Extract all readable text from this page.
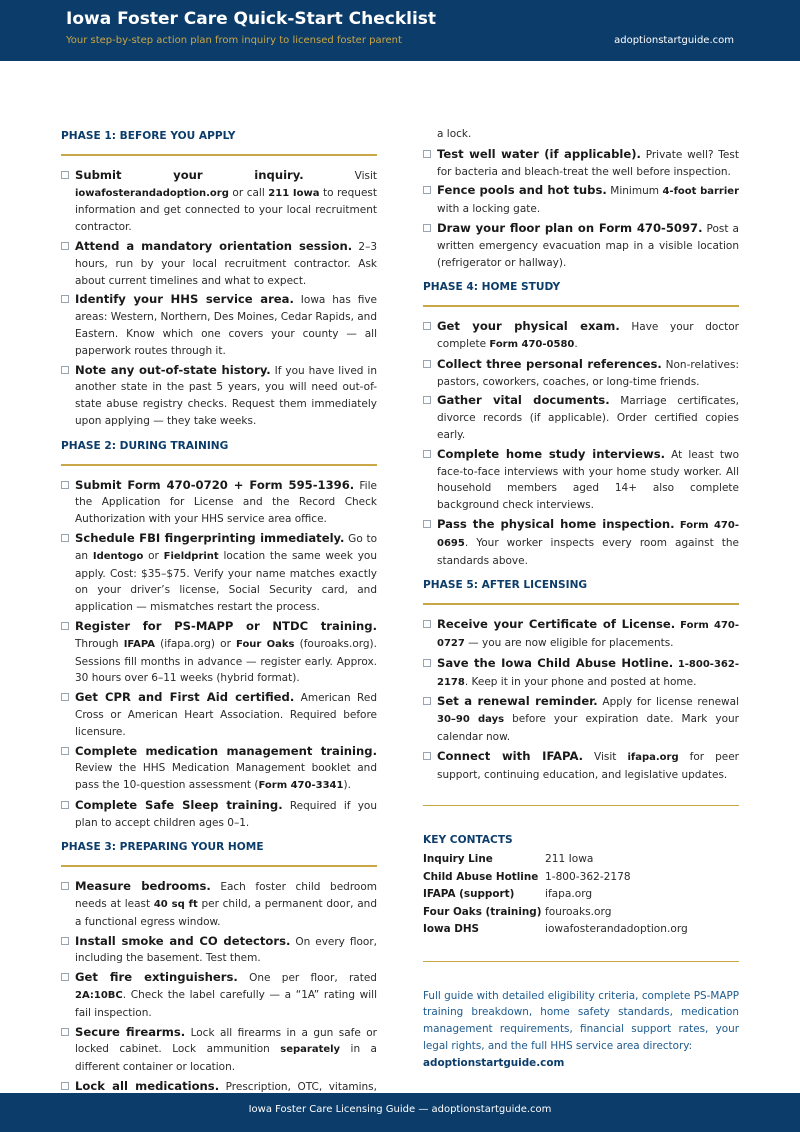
Iowa Foster Care Quick-Start Checklist
Your step-by-step action plan from inquiry to licensed foster parent	adoptionstartguide.com
PHASE 1: BEFORE YOU APPLY
Submit your inquiry. Visit iowafosterandadoption.org or call 211 Iowa to request information and get connected to your local recruitment contractor.
Attend a mandatory orientation session. 2–3 hours, run by your local recruitment contractor. Ask about current timelines and what to expect.
Identify your HHS service area. Iowa has five areas: Western, Northern, Des Moines, Cedar Rapids, and Eastern. Know which one covers your county — all paperwork routes through it.
Note any out-of-state history. If you have lived in another state in the past 5 years, you will need out-of-state abuse registry checks. Request them immediately upon applying — they take weeks.
PHASE 2: DURING TRAINING
Submit Form 470-0720 + Form 595-1396. File the Application for License and the Record Check Authorization with your HHS service area office.
Schedule FBI fingerprinting immediately. Go to an Identogo or Fieldprint location the same week you apply. Cost: $35–$75. Verify your name matches exactly on your driver’s license, Social Security card, and application — mismatches restart the process.
Register for PS-MAPP or NTDC training. Through IFAPA (ifapa.org) or Four Oaks (fouroaks.org). Sessions fill months in advance — register early. Approx. 30 hours over 6–11 weeks (hybrid format).
Get CPR and First Aid certified. American Red Cross or American Heart Association. Required before licensure.
Complete medication management training. Review the HHS Medication Management booklet and pass the 10-question assessment (Form 470-3341).
Complete Safe Sleep training. Required if you plan to accept children ages 0–1.
PHASE 3: PREPARING YOUR HOME
Measure bedrooms. Each foster child bedroom needs at least 40 sq ft per child, a permanent door, and a functional egress window.
Install smoke and CO detectors. On every floor, including the basement. Test them.
Get fire extinguishers. One per floor, rated 2A:10BC. Check the label carefully — a “1A” rating will fail inspection.
Secure firearms. Lock all firearms in a gun safe or locked cabinet. Lock ammunition separately in a different container or location.
Lock all medications. Prescription, OTC, vitamins,
a lock.
Test well water (if applicable). Private well? Test for bacteria and bleach-treat the well before inspection.
Fence pools and hot tubs. Minimum 4-foot barrier with a locking gate.
Draw your floor plan on Form 470-5097. Post a written emergency evacuation map in a visible location (refrigerator or hallway).
PHASE 4: HOME STUDY
Get your physical exam. Have your doctor complete Form 470-0580.
Collect three personal references. Non-relatives: pastors, coworkers, coaches, or long-time friends.
Gather vital documents. Marriage certificates, divorce records (if applicable). Order certified copies early.
Complete home study interviews. At least two face-to-face interviews with your home study worker. All household members aged 14+ also complete background check interviews.
Pass the physical home inspection. Form 470-0695. Your worker inspects every room against the standards above.
PHASE 5: AFTER LICENSING
Receive your Certificate of License. Form 470-0727 — you are now eligible for placements.
Save the Iowa Child Abuse Hotline. 1-800-362-2178. Keep it in your phone and posted at home.
Set a renewal reminder. Apply for license renewal 30–90 days before your expiration date. Mark your calendar now.
Connect with IFAPA. Visit ifapa.org for peer support, continuing education, and legislative updates.
KEY CONTACTS
Inquiry Line	211 Iowa
Child Abuse Hotline 1-800-362-2178
IFAPA (support)	ifapa.org
Four Oaks (training) fouroaks.org
Iowa DHS	iowafosterandadoption.org
Full guide with detailed eligibility criteria, complete PS-MAPP training breakdown, home safety standards, medication management requirements, financial support rates, your legal rights, and the full HHS service area directory:
adoptionstartguide.com
Iowa Foster Care Licensing Guide — adoptionstartguide.com
